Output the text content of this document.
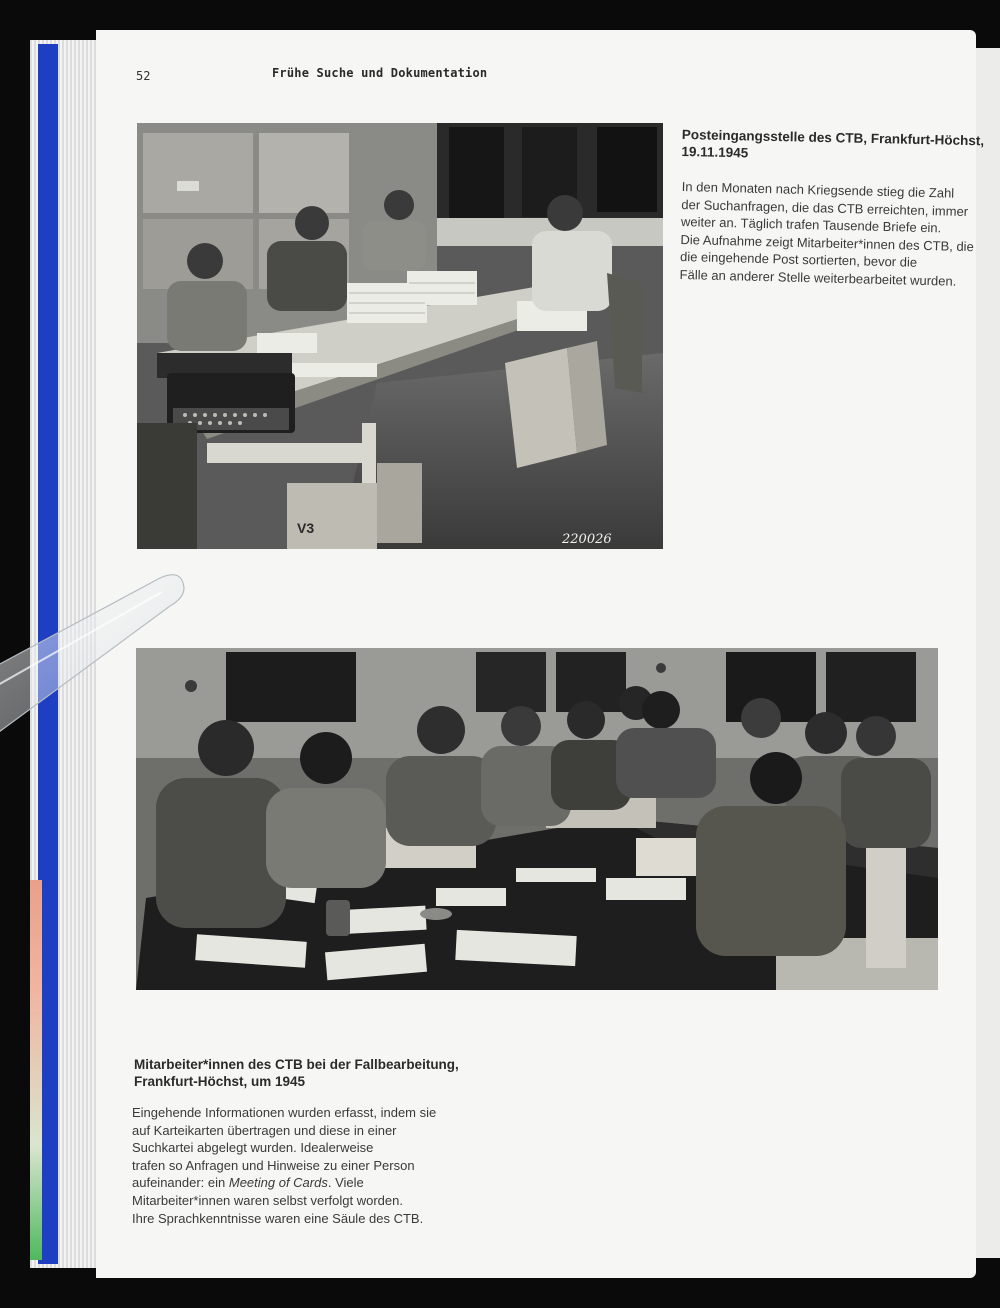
52	Frühe Suche und Dokumentation
V3
220026
Posteingangsstelle des CTB, Frankfurt-Höchst,
19.11.1945
In den Monaten nach Kriegsende stieg die Zahl
der Suchanfragen, die das CTB erreichten, immer
weiter an. Täglich trafen Tausende Briefe ein.
Die Aufnahme zeigt Mitarbeiter*innen des CTB, die
die eingehende Post sortierten, bevor die
Fälle an anderer Stelle weiterbearbeitet wurden.
Mitarbeiter*innen des CTB bei der Fallbearbeitung,
Frankfurt-Höchst, um 1945
Eingehende Informationen wurden erfasst, indem sie
auf Karteikarten übertragen und diese in einer
Suchkartei abgelegt wurden. Idealerweise
trafen so Anfragen und Hinweise zu einer Person
aufeinander: ein Meeting of Cards. Viele
Mitarbeiter*innen waren selbst verfolgt worden.
Ihre Sprachkenntnisse waren eine Säule des CTB.
